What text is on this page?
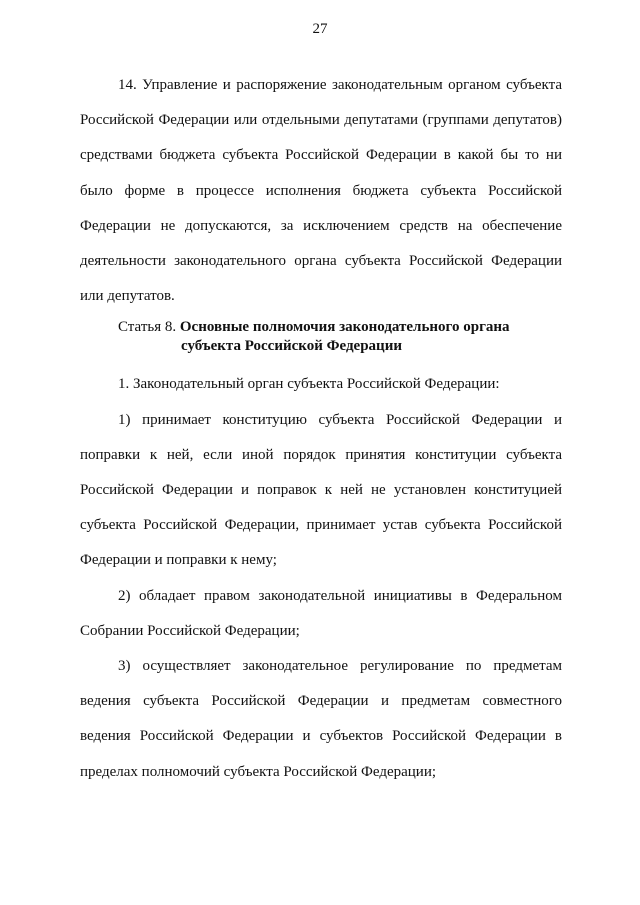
27

14. Управление и распоряжение законодательным органом субъекта Российской Федерации или отдельными депутатами (группами депутатов) средствами бюджета субъекта Российской Федерации в какой бы то ни было форме в процессе исполнения бюджета субъекта Российской Федерации не допускаются, за исключением средств на обеспечение деятельности законодательного органа субъекта Российской Федерации или депутатов.

Статья 8. Основные полномочия законодательного органа
субъекта Российской Федерации

1. Законодательный орган субъекта Российской Федерации:

1) принимает конституцию субъекта Российской Федерации и поправки к ней, если иной порядок принятия конституции субъекта Российской Федерации и поправок к ней не установлен конституцией субъекта Российской Федерации, принимает устав субъекта Российской Федерации и поправки к нему;

2) обладает правом законодательной инициативы в Федеральном Собрании Российской Федерации;

3) осуществляет законодательное регулирование по предметам ведения субъекта Российской Федерации и предметам совместного ведения Российской Федерации и субъектов Российской Федерации в пределах полномочий субъекта Российской Федерации;
